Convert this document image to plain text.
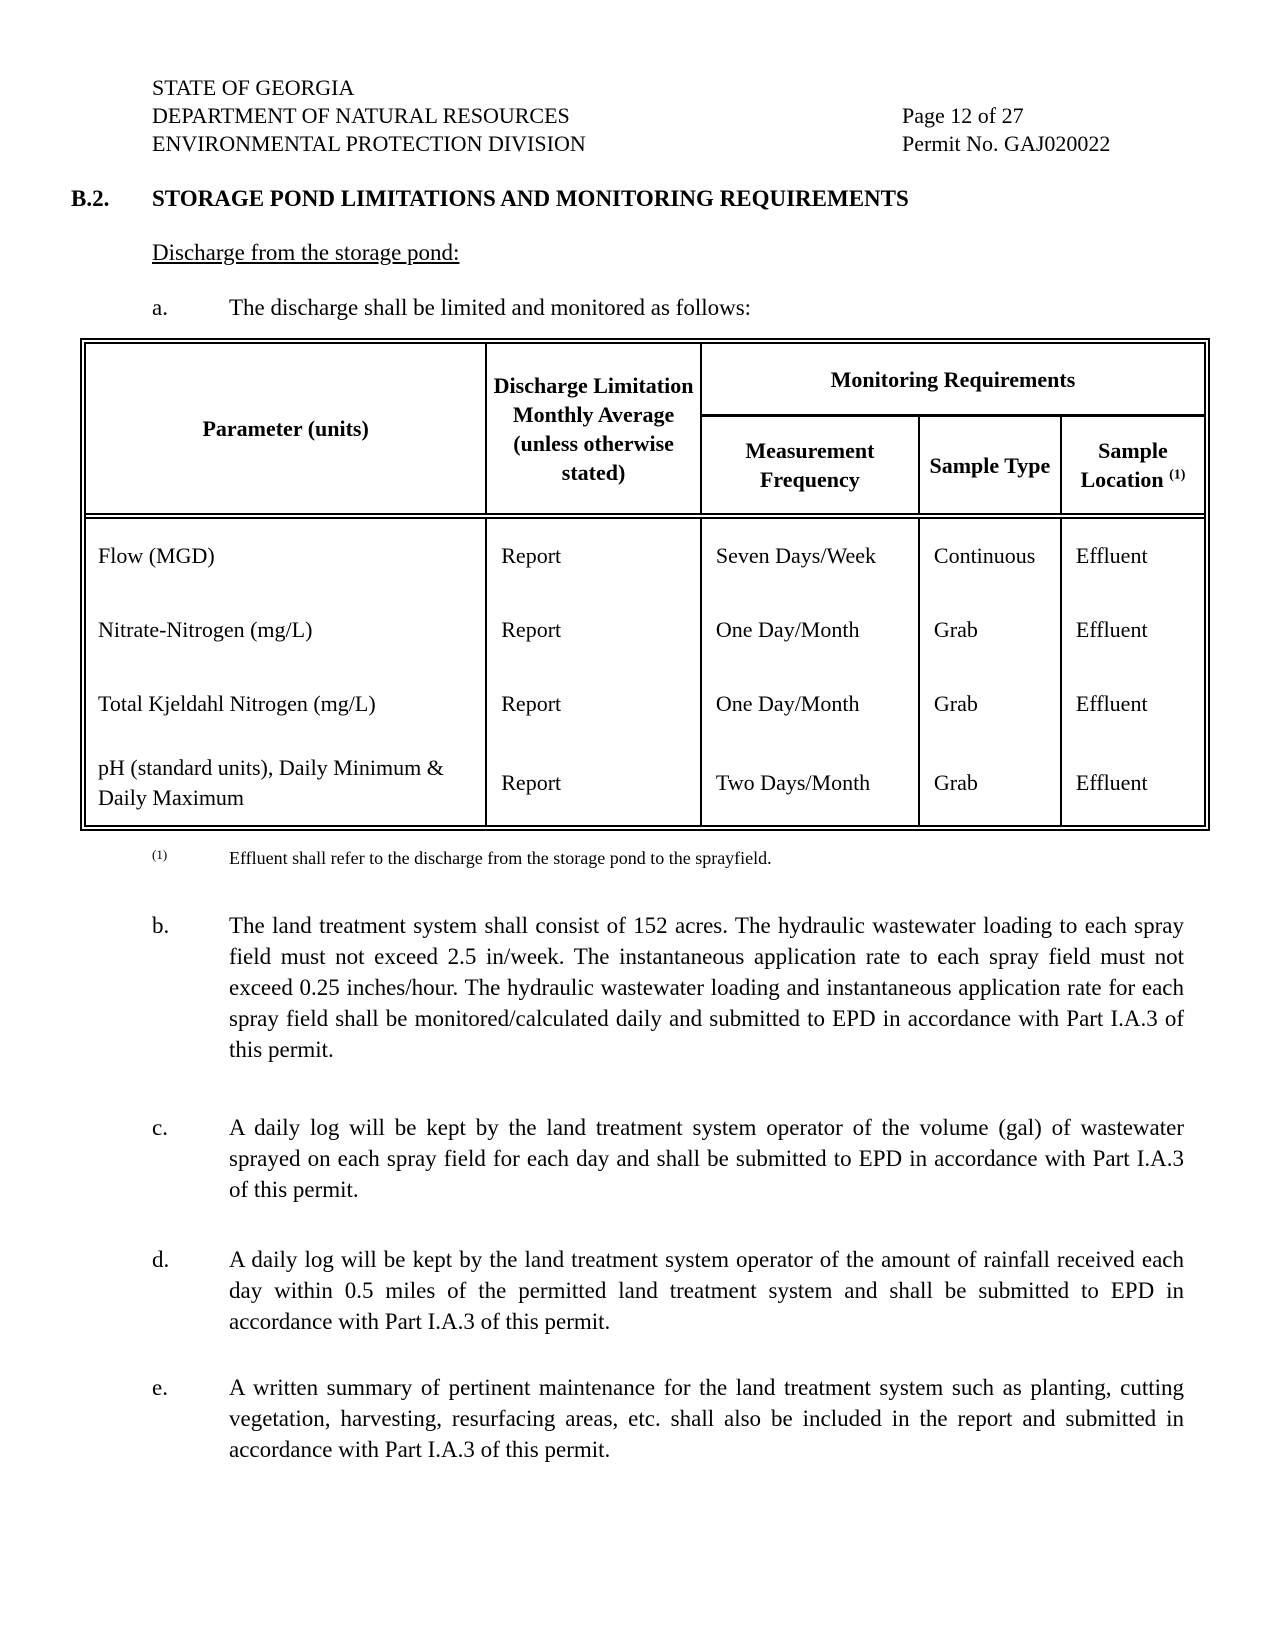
STATE OF GEORGIA
DEPARTMENT OF NATURAL RESOURCES
ENVIRONMENTAL PROTECTION DIVISION
Page 12 of 27
Permit No. GAJ020022
B.2.	STORAGE POND LIMITATIONS AND MONITORING REQUIREMENTS
Discharge from the storage pond:
a.	The discharge shall be limited and monitored as follows:
Parameter (units)	Discharge Limitation Monthly Average (unless otherwise stated)	Monitoring Requirements		
		Measurement Frequency	Sample Type	Sample Location $^{(1)}$
Flow (MGD)	Report	Seven Days/Week	Continuous	Effluent
Nitrate-Nitrogen (mg/L)	Report	One Day/Month	Grab	Effluent
Total Kjeldahl Nitrogen (mg/L)	Report	One Day/Month	Grab	Effluent
pH (standard units), Daily Minimum & Daily Maximum	Report	Two Days/Month	Grab	Effluent
(1)	Effluent shall refer to the discharge from the storage pond to the sprayfield.
b.	The land treatment system shall consist of 152 acres. The hydraulic wastewater loading to each spray field must not exceed 2.5 in/week. The instantaneous application rate to each spray field must not exceed 0.25 inches/hour. The hydraulic wastewater loading and instantaneous application rate for each spray field shall be monitored/calculated daily and submitted to EPD in accordance with Part I.A.3 of this permit.
c.	A daily log will be kept by the land treatment system operator of the volume (gal) of wastewater sprayed on each spray field for each day and shall be submitted to EPD in accordance with Part I.A.3 of this permit.
d.	A daily log will be kept by the land treatment system operator of the amount of rainfall received each day within 0.5 miles of the permitted land treatment system and shall be submitted to EPD in accordance with Part I.A.3 of this permit.
e.	A written summary of pertinent maintenance for the land treatment system such as planting, cutting vegetation, harvesting, resurfacing areas, etc. shall also be included in the report and submitted in accordance with Part I.A.3 of this permit.
